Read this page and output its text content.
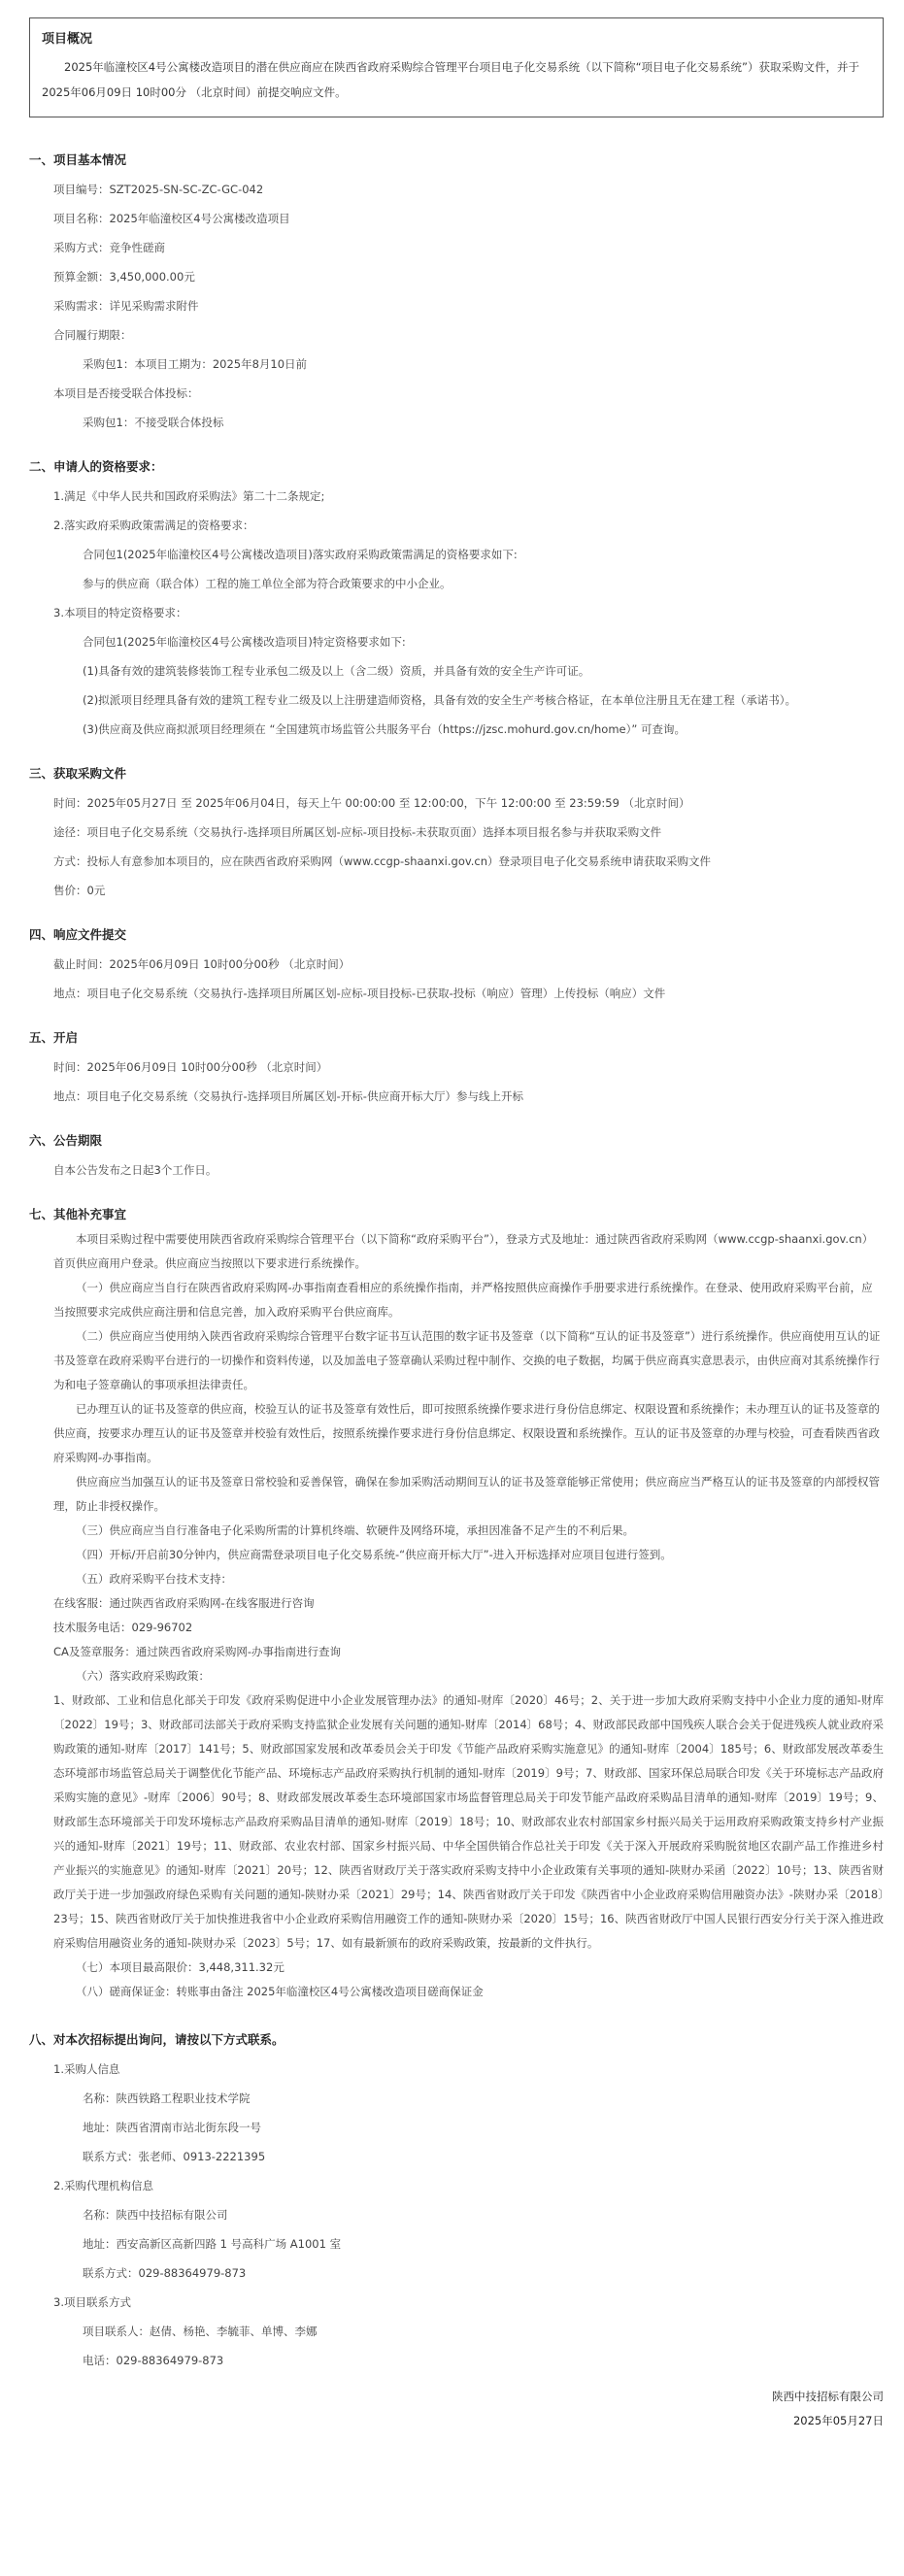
项目概况
2025年临潼校区4号公寓楼改造项目的潜在供应商应在陕西省政府采购综合管理平台项目电子化交易系统（以下简称“项目电子化交易系统”）获取采购文件，并于 2025年06月09日 10时00分 （北京时间）前提交响应文件。
一、项目基本情况
项目编号：SZT2025-SN-SC-ZC-GC-042
项目名称：2025年临潼校区4号公寓楼改造项目
采购方式：竞争性磋商
预算金额：3,450,000.00元
采购需求：详见采购需求附件
合同履行期限：
采购包1：本项目工期为：2025年8月10日前
本项目是否接受联合体投标：
采购包1：不接受联合体投标
二、申请人的资格要求：
1.满足《中华人民共和国政府采购法》第二十二条规定;
2.落实政府采购政策需满足的资格要求：
合同包1(2025年临潼校区4号公寓楼改造项目)落实政府采购政策需满足的资格要求如下:
参与的供应商（联合体）工程的施工单位全部为符合政策要求的中小企业。
3.本项目的特定资格要求：
合同包1(2025年临潼校区4号公寓楼改造项目)特定资格要求如下:
(1)具备有效的建筑装修装饰工程专业承包二级及以上（含二级）资质，并具备有效的安全生产许可证。
(2)拟派项目经理具备有效的建筑工程专业二级及以上注册建造师资格，具备有效的安全生产考核合格证，在本单位注册且无在建工程（承诺书）。
(3)供应商及供应商拟派项目经理须在 “全国建筑市场监管公共服务平台（https://jzsc.mohurd.gov.cn/home）” 可查询。
三、获取采购文件
时间：2025年05月27日 至 2025年06月04日，每天上午 00:00:00 至 12:00:00，下午 12:00:00 至 23:59:59 （北京时间）
途径：项目电子化交易系统（交易执行-选择项目所属区划-应标-项目投标-未获取页面）选择本项目报名参与并获取采购文件
方式：投标人有意参加本项目的，应在陕西省政府采购网（www.ccgp-shaanxi.gov.cn）登录项目电子化交易系统申请获取采购文件
售价：0元
四、响应文件提交
截止时间：2025年06月09日 10时00分00秒 （北京时间）
地点：项目电子化交易系统（交易执行-选择项目所属区划-应标-项目投标-已获取-投标（响应）管理）上传投标（响应）文件
五、开启
时间：2025年06月09日 10时00分00秒 （北京时间）
地点：项目电子化交易系统（交易执行-选择项目所属区划-开标-供应商开标大厅）参与线上开标
六、公告期限
自本公告发布之日起3个工作日。
七、其他补充事宜
本项目采购过程中需要使用陕西省政府采购综合管理平台（以下简称“政府采购平台”），登录方式及地址：通过陕西省政府采购网（www.ccgp-shaanxi.gov.cn）首页供应商用户登录。供应商应当按照以下要求进行系统操作。
（一）供应商应当自行在陕西省政府采购网-办事指南查看相应的系统操作指南，并严格按照供应商操作手册要求进行系统操作。在登录、使用政府采购平台前，应当按照要求完成供应商注册和信息完善，加入政府采购平台供应商库。
（二）供应商应当使用纳入陕西省政府采购综合管理平台数字证书互认范围的数字证书及签章（以下简称“互认的证书及签章”）进行系统操作。供应商使用互认的证书及签章在政府采购平台进行的一切操作和资料传递，以及加盖电子签章确认采购过程中制作、交换的电子数据，均属于供应商真实意思表示，由供应商对其系统操作行为和电子签章确认的事项承担法律责任。
已办理互认的证书及签章的供应商，校验互认的证书及签章有效性后，即可按照系统操作要求进行身份信息绑定、权限设置和系统操作；未办理互认的证书及签章的供应商，按要求办理互认的证书及签章并校验有效性后，按照系统操作要求进行身份信息绑定、权限设置和系统操作。互认的证书及签章的办理与校验，可查看陕西省政府采购网-办事指南。
供应商应当加强互认的证书及签章日常校验和妥善保管，确保在参加采购活动期间互认的证书及签章能够正常使用；供应商应当严格互认的证书及签章的内部授权管理，防止非授权操作。
（三）供应商应当自行准备电子化采购所需的计算机终端、软硬件及网络环境，承担因准备不足产生的不利后果。
（四）开标/开启前30分钟内，供应商需登录项目电子化交易系统-“供应商开标大厅”-进入开标选择对应项目包进行签到。
（五）政府采购平台技术支持：
在线客服：通过陕西省政府采购网-在线客服进行咨询
技术服务电话：029-96702
CA及签章服务：通过陕西省政府采购网-办事指南进行查询
（六）落实政府采购政策：
1、财政部、工业和信息化部关于印发《政府采购促进中小企业发展管理办法》的通知-财库〔2020〕46号；2、关于进一步加大政府采购支持中小企业力度的通知-财库〔2022〕19号；3、财政部司法部关于政府采购支持监狱企业发展有关问题的通知-财库〔2014〕68号；4、财政部民政部中国残疾人联合会关于促进残疾人就业政府采购政策的通知-财库〔2017〕141号；5、财政部国家发展和改革委员会关于印发《节能产品政府采购实施意见》的通知-财库〔2004〕185号；6、财政部发展改革委生态环境部市场监管总局关于调整优化节能产品、环境标志产品政府采购执行机制的通知-财库〔2019〕9号；7、财政部、国家环保总局联合印发《关于环境标志产品政府采购实施的意见》-财库〔2006〕90号；8、财政部发展改革委生态环境部国家市场监督管理总局关于印发节能产品政府采购品目清单的通知-财库〔2019〕19号；9、财政部生态环境部关于印发环境标志产品政府采购品目清单的通知-财库〔2019〕18号；10、财政部农业农村部国家乡村振兴局关于运用政府采购政策支持乡村产业振兴的通知-财库〔2021〕19号；11、财政部、农业农村部、国家乡村振兴局、中华全国供销合作总社关于印发《关于深入开展政府采购脱贫地区农副产品工作推进乡村产业振兴的实施意见》的通知-财库〔2021〕20号；12、陕西省财政厅关于落实政府采购支持中小企业政策有关事项的通知-陕财办采函〔2022〕10号；13、陕西省财政厅关于进一步加强政府绿色采购有关问题的通知-陕财办采〔2021〕29号；14、陕西省财政厅关于印发《陕西省中小企业政府采购信用融资办法》-陕财办采〔2018〕23号；15、陕西省财政厅关于加快推进我省中小企业政府采购信用融资工作的通知-陕财办采〔2020〕15号；16、陕西省财政厅中国人民银行西安分行关于深入推进政府采购信用融资业务的通知-陕财办采〔2023〕5号；17、如有最新颁布的政府采购政策，按最新的文件执行。
（七）本项目最高限价：3,448,311.32元
（八）磋商保证金：转账事由备注 2025年临潼校区4号公寓楼改造项目磋商保证金
八、对本次招标提出询问，请按以下方式联系。
1.采购人信息
名称：陕西铁路工程职业技术学院
地址：陕西省渭南市站北街东段一号
联系方式：张老师、0913-2221395
2.采购代理机构信息
名称：陕西中技招标有限公司
地址：西安高新区高新四路 1 号高科广场 A1001 室
联系方式：029-88364979-873
3.项目联系方式
项目联系人：赵倩、杨艳、李毓菲、单博、李娜
电话：029-88364979-873
陕西中技招标有限公司
2025年05月27日
